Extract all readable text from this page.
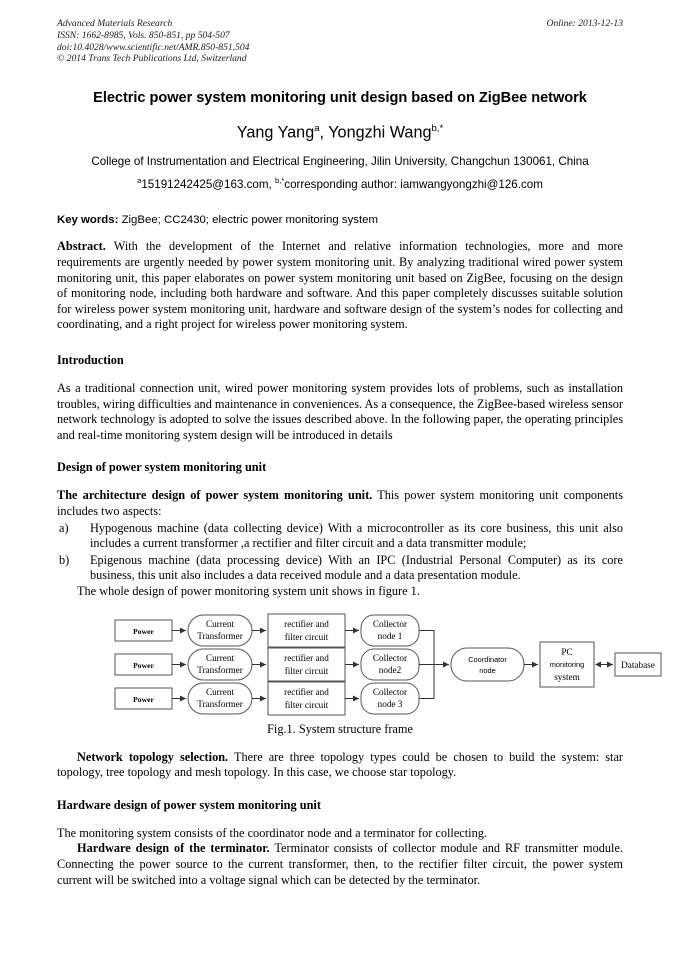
Online: 2013-12-13
Advanced Materials Research
ISSN: 1662-8985, Vols. 850-851, pp 504-507
doi:10.4028/www.scientific.net/AMR.850-851.504
© 2014 Trans Tech Publications Ltd, Switzerland
Electric power system monitoring unit design based on ZigBee network
Yang Yang$^a$, Yongzhi Wang$^{b,*}$
College of Instrumentation and Electrical Engineering, Jilin University, Changchun 130061, China
$^a$15191242425@163.com, $^{b,*}$corresponding author: iamwangyongzhi@126.com
Key words: ZigBee; CC2430; electric power monitoring system
Abstract. With the development of the Internet and relative information technologies, more and more requirements are urgently needed by power system monitoring unit. By analyzing traditional wired power system monitoring unit, this paper elaborates on power system monitoring unit based on ZigBee, focusing on the design of monitoring node, including both hardware and software. And this paper completely discusses suitable solution for wireless power system monitoring unit, hardware and software design of the system’s nodes for collecting and coordinating, and a right project for wireless power monitoring system.
Introduction
As a traditional connection unit, wired power monitoring system provides lots of problems, such as installation troubles, wiring difficulties and maintenance in conveniences. As a consequence, the ZigBee-based wireless sensor network technology is adopted to solve the issues described above. In the following paper, the operating principles and real-time monitoring system design will be introduced in details
Design of power system monitoring unit
The architecture design of power system monitoring unit. This power system monitoring unit components includes two aspects:
a) Hypogenous machine (data collecting device) With a microcontroller as its core business, this unit also includes a current transformer ,a rectifier and filter circuit and a data transmitter module;
b) Epigenous machine (data processing device) With an IPC (Industrial Personal Computer) as its core business, this unit also includes a data received module and a data presentation module.
The whole design of power monitoring system unit shows in figure 1.
Power
Current
Transformer
rectifier and
filter circuit
Collector
node 1
Power
Current
Transformer
rectifier and
filter circuit
Collector
node2
Power
Current
Transformer
rectifier and
filter circuit
Collector
node 3
Coordinator
node
PC
monitoring
system
Database
Fig.1. System structure frame
Network topology selection. There are three topology types could be chosen to build the system: star topology, tree topology and mesh topology. In this case, we choose star topology.
Hardware design of power system monitoring unit
The monitoring system consists of the coordinator node and a terminator for collecting.
Hardware design of the terminator. Terminator consists of collector module and RF transmitter module. Connecting the power source to the current transformer, then, to the rectifier filter circuit, the power system current will be switched into a voltage signal which can be detected by the terminator.
